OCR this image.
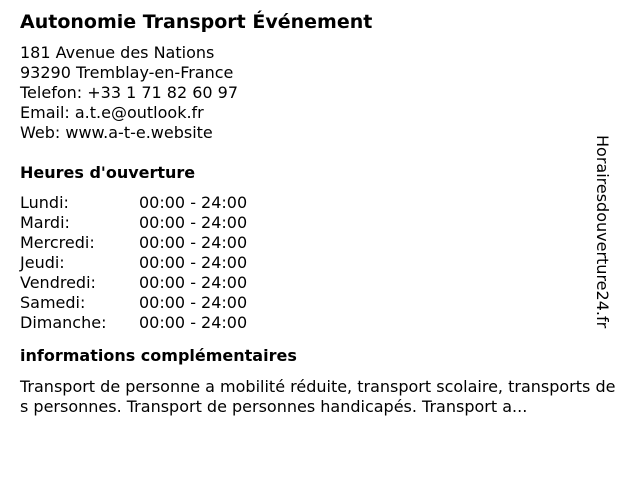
Autonomie Transport Événement
181 Avenue des Nations
93290 Tremblay-en-France
Telefon: +33 1 71 82 60 97
Email: a.t.e@outlook.fr
Web: www.a-t-e.website
Heures d'ouverture
Lundi:	00:00 - 24:00
Mardi:	00:00 - 24:00
Mercredi:	00:00 - 24:00
Jeudi:	00:00 - 24:00
Vendredi:	00:00 - 24:00
Samedi:	00:00 - 24:00
Dimanche:	00:00 - 24:00
informations complémentaires
Transport de personne a mobilité réduite, transport scolaire, transports des personnes. Transport de personnes handicapés. Transport a...
Horairesdouverture24.fr
